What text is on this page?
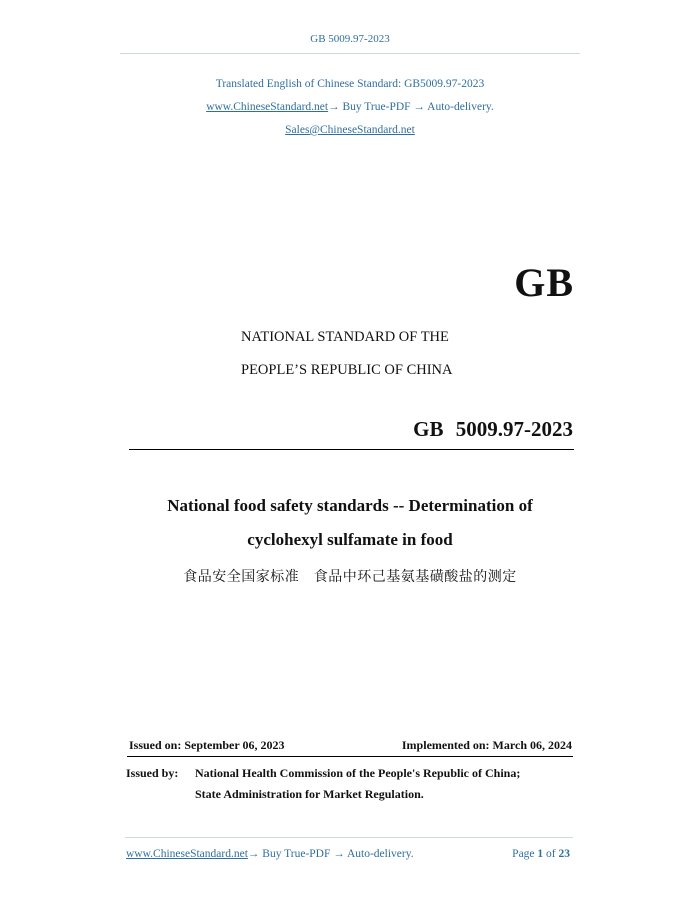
GB 5009.97-2023
Translated English of Chinese Standard: GB5009.97-2023
www.ChineseStandard.net→ Buy True-PDF → Auto-delivery.
Sales@ChineseStandard.net
GB
NATIONAL STANDARD OF THE
PEOPLE’S REPUBLIC OF CHINA
GB 5009.97-2023
National food safety standards -- Determination of
cyclohexyl sulfamate in food
食品安全国家标准　食品中环己基氨基磺酸盐的测定
Issued on: September 06, 2023	Implemented on: March 06, 2024
Issued by: National Health Commission of the People's Republic of China;
State Administration for Market Regulation.
www.ChineseStandard.net→ Buy True-PDF → Auto-delivery.	Page 1 of 23
